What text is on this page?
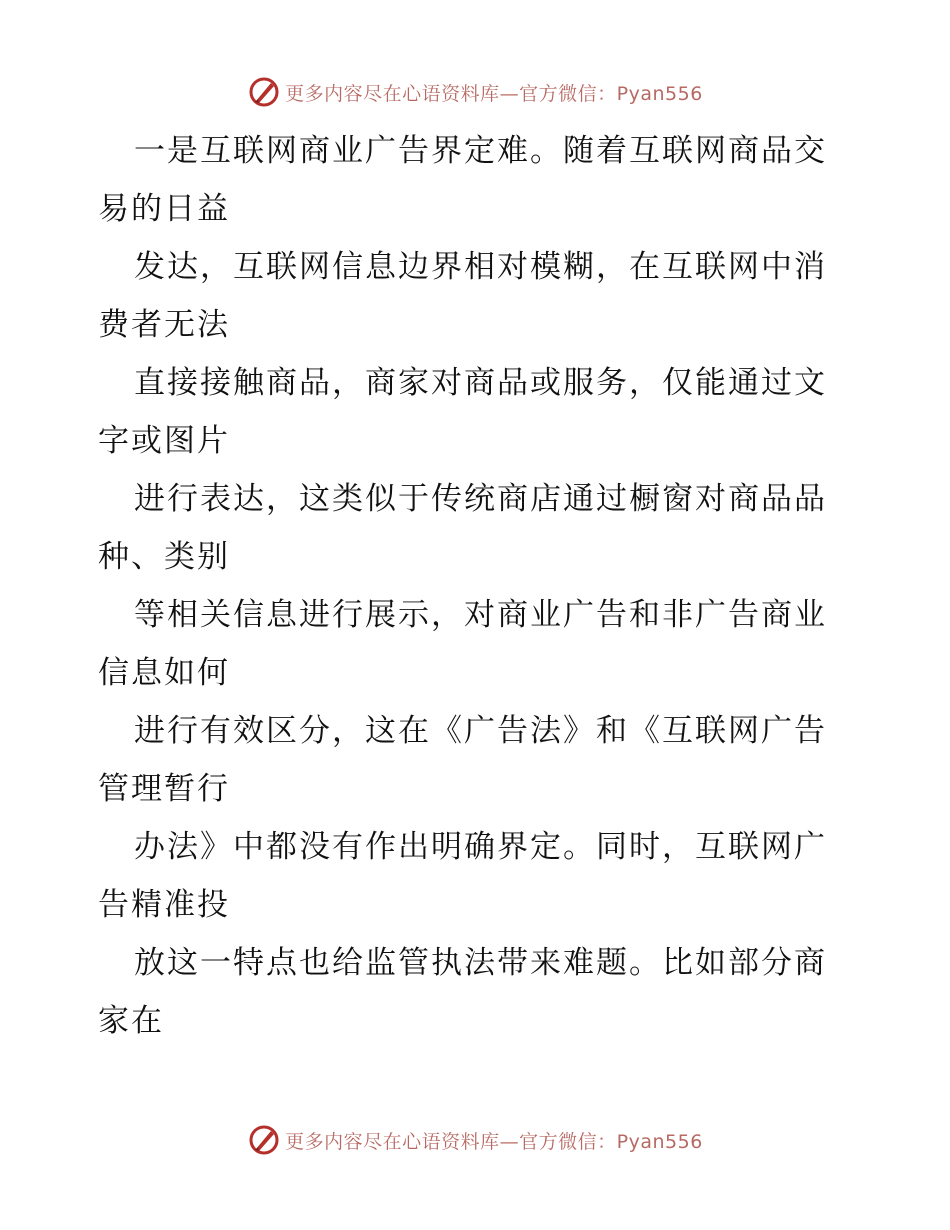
更多内容尽在心语资料库—官方微信：Pyan556
一是互联网商业广告界定难。随着互联网商品交
易的日益
发达，互联网信息边界相对模糊，在互联网中消
费者无法
直接接触商品，商家对商品或服务，仅能通过文
字或图片
进行表达，这类似于传统商店通过橱窗对商品品
种、类别
等相关信息进行展示，对商业广告和非广告商业
信息如何
进行有效区分，这在《广告法》和《互联网广告
管理暂行
办法》中都没有作出明确界定。同时，互联网广
告精准投
放这一特点也给监管执法带来难题。比如部分商
家在
更多内容尽在心语资料库—官方微信：Pyan556
